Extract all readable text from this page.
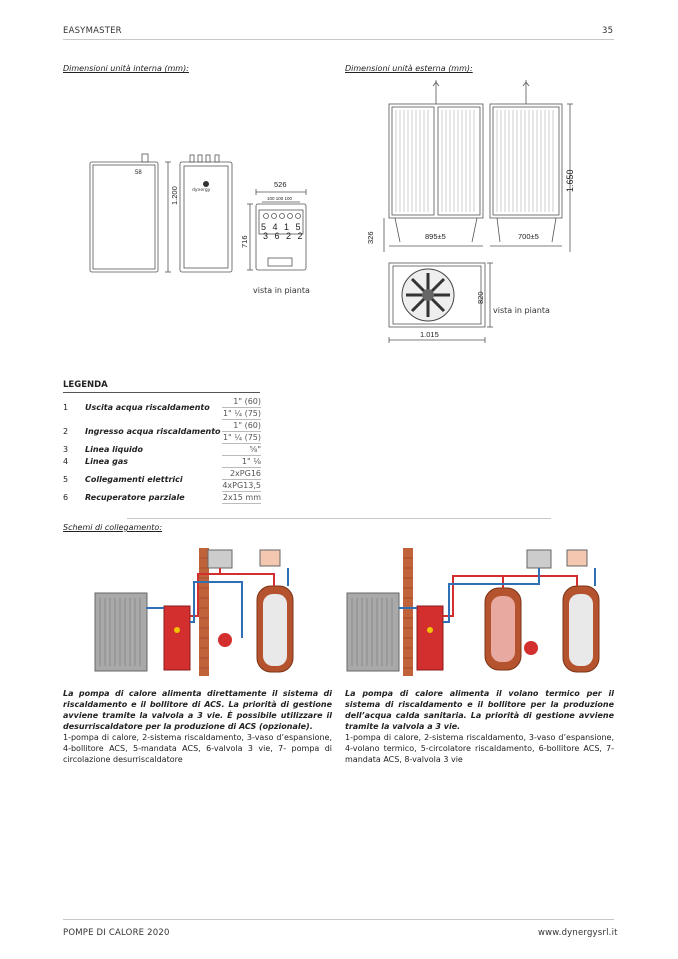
EASYMASTER	35
Dimensioni unità interna (mm):	Dimensioni unità esterna (mm):
58
1.200	dynergy
526
100 100 100
5 4 1 5
3 6 2 2
716
vista in pianta
1.650
326	895±5	700±5
820
1.015
vista in pianta
LEGENDA
1	Uscita acqua riscaldamento	1" (60)
		1" ¼ (75)
2	Ingresso acqua riscaldamento	1" (60)
		1" ¼ (75)
3	Linea liquido	⅝"
4	Linea gas	1" ⅛
5	Collegamenti elettrici	2xPG16
		4xPG13,5
6	Recuperatore parziale	2x15 mm
Schemi di collegamento:
La pompa di calore alimenta direttamente il sistema di riscaldamento e il bollitore di ACS. La priorità di gestione avviene tramite la valvola a 3 vie. È possibile utilizzare il desurriscaldatore per la produzione di ACS (opzionale).
1-pompa di calore, 2-sistema riscaldamento, 3-vaso d’espansione, 4-bollitore ACS, 5-mandata ACS, 6-valvola 3 vie, 7- pompa di circolazione desurriscaldatore
La pompa di calore alimenta il volano termico per il sistema di riscaldamento e il bollitore per la produzione dell’acqua calda sanitaria. La priorità di gestione avviene tramite la valvola a 3 vie.
1-pompa di calore, 2-sistema riscaldamento, 3-vaso d’espansione, 4-volano termico, 5-circolatore riscaldamento, 6-bollitore ACS, 7-mandata ACS, 8-valvola 3 vie
POMPE DI CALORE 2020	www.dynergysrl.it
